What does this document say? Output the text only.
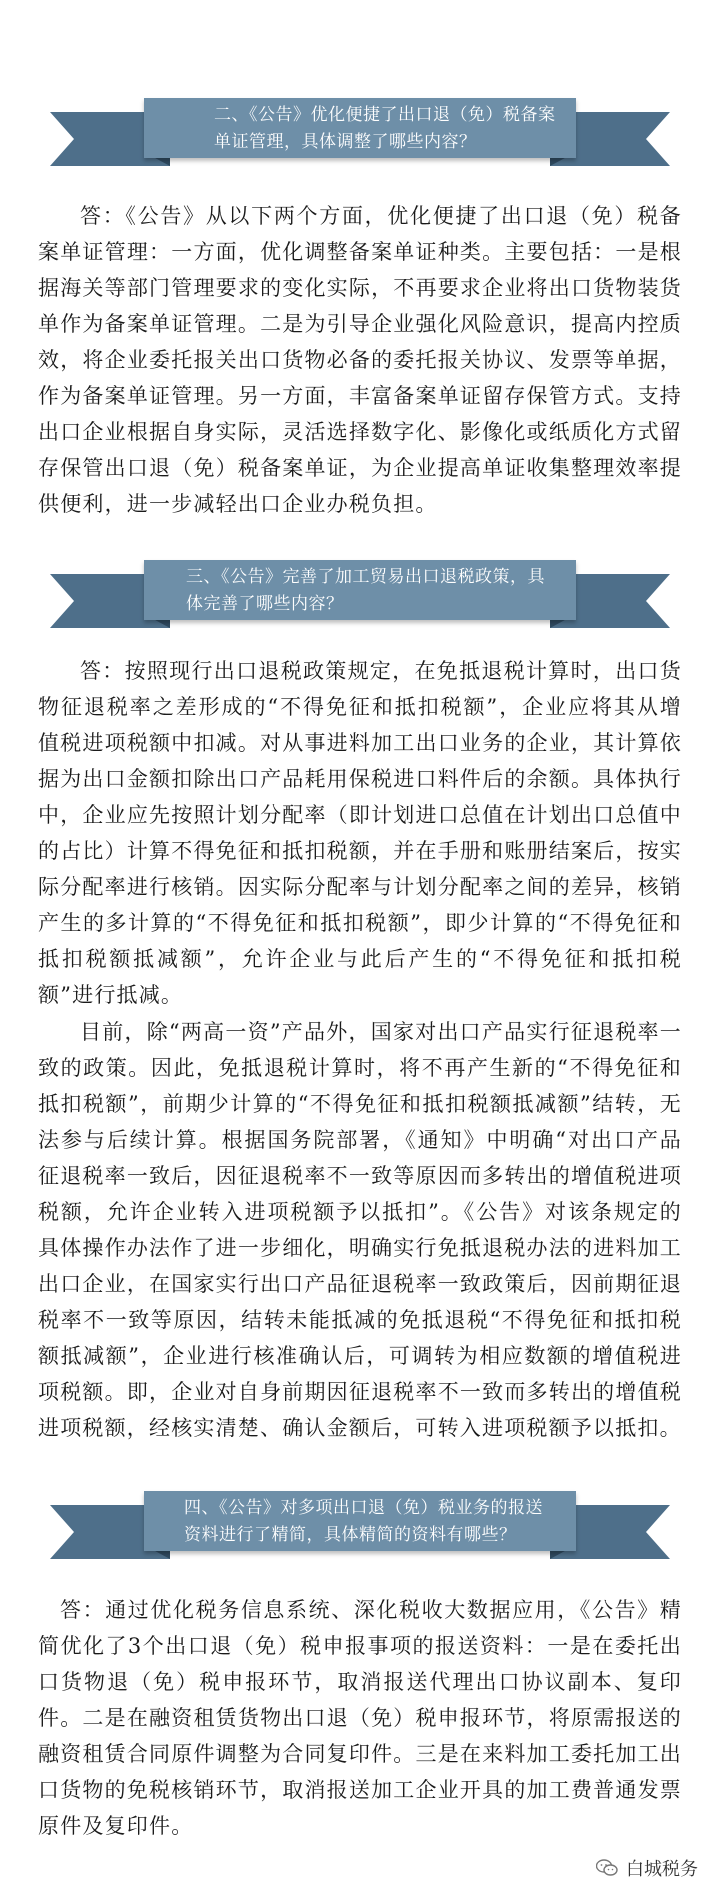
二、《公告》优化便捷了出口退（免）税备案单证管理，具体调整了哪些内容？

答：《公告》从以下两个方面，优化便捷了出口退（免）税备案单证管理：一方面，优化调整备案单证种类。主要包括：一是根据海关等部门管理要求的变化实际，不再要求企业将出口货物装货单作为备案单证管理。二是为引导企业强化风险意识，提高内控质效，将企业委托报关出口货物必备的委托报关协议、发票等单据，作为备案单证管理。另一方面，丰富备案单证留存保管方式。支持出口企业根据自身实际，灵活选择数字化、影像化或纸质化方式留存保管出口退（免）税备案单证，为企业提高单证收集整理效率提供便利，进一步减轻出口企业办税负担。

三、《公告》完善了加工贸易出口退税政策，具体完善了哪些内容？

答：按照现行出口退税政策规定，在免抵退税计算时，出口货物征退税率之差形成的“不得免征和抵扣税额”，企业应将其从增值税进项税额中扣减。对从事进料加工出口业务的企业，其计算依据为出口金额扣除出口产品耗用保税进口料件后的余额。具体执行中，企业应先按照计划分配率（即计划进口总值在计划出口总值中的占比）计算不得免征和抵扣税额，并在手册和账册结案后，按实际分配率进行核销。因实际分配率与计划分配率之间的差异，核销产生的多计算的“不得免征和抵扣税额”，即少计算的“不得免征和抵扣税额抵减额”，允许企业与此后产生的“不得免征和抵扣税额”进行抵减。

目前，除“两高一资”产品外，国家对出口产品实行征退税率一致的政策。因此，免抵退税计算时，将不再产生新的“不得免征和抵扣税额”，前期少计算的“不得免征和抵扣税额抵减额”结转，无法参与后续计算。根据国务院部署，《通知》中明确“对出口产品征退税率一致后，因征退税率不一致等原因而多转出的增值税进项税额，允许企业转入进项税额予以抵扣”。《公告》对该条规定的具体操作办法作了进一步细化，明确实行免抵退税办法的进料加工出口企业，在国家实行出口产品征退税率一致政策后，因前期征退税率不一致等原因，结转未能抵减的免抵退税“不得免征和抵扣税额抵减额”，企业进行核准确认后，可调转为相应数额的增值税进项税额。即，企业对自身前期因征退税率不一致而多转出的增值税进项税额，经核实清楚、确认金额后，可转入进项税额予以抵扣。

四、《公告》对多项出口退（免）税业务的报送资料进行了精简，具体精简的资料有哪些？

答：通过优化税务信息系统、深化税收大数据应用，《公告》精简优化了3个出口退（免）税申报事项的报送资料：一是在委托出口货物退（免）税申报环节，取消报送代理出口协议副本、复印件。二是在融资租赁货物出口退（免）税申报环节，将原需报送的融资租赁合同原件调整为合同复印件。三是在来料加工委托加工出口货物的免税核销环节，取消报送加工企业开具的加工费普通发票原件及复印件。

白城税务
